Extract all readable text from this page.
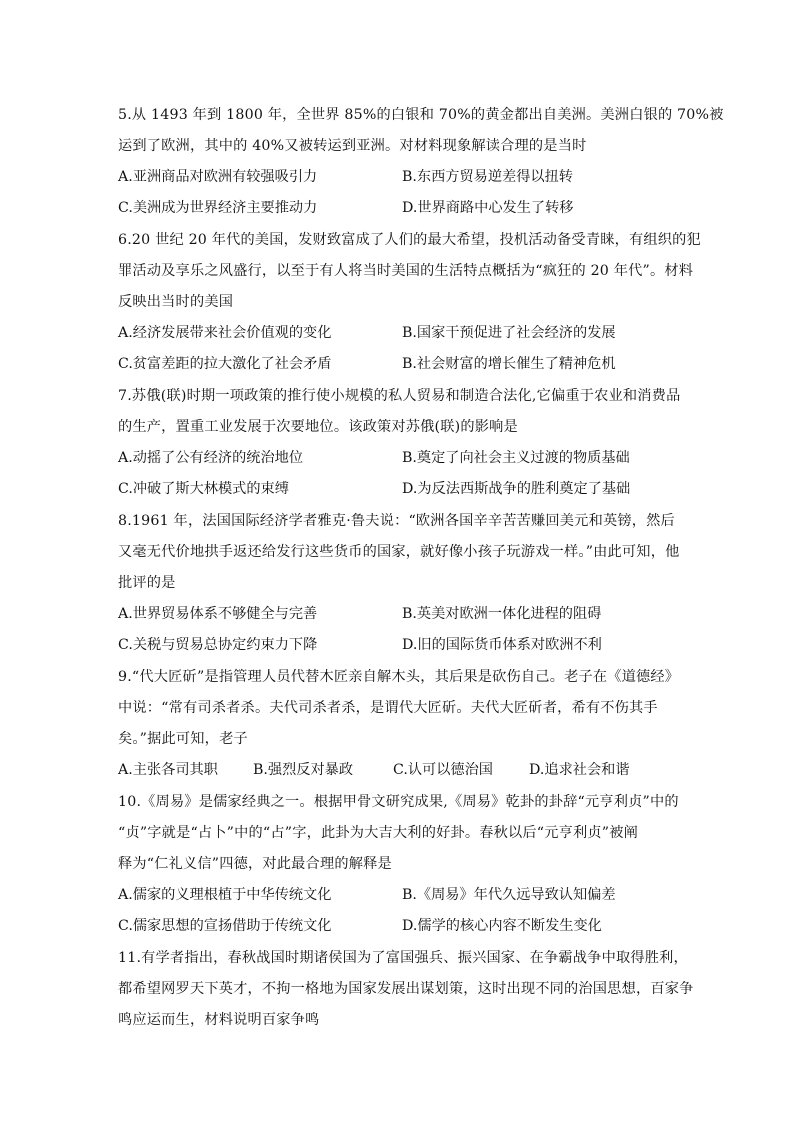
5.从 1493 年到 1800 年，全世界 85%的白银和 70%的黄金都出自美洲。美洲白银的 70%被
运到了欧洲，其中的 40%又被转运到亚洲。对材料现象解读合理的是当时
A.亚洲商品对欧洲有较强吸引力	B.东西方贸易逆差得以扭转
C.美洲成为世界经济主要推动力	D.世界商路中心发生了转移
6.20 世纪 20 年代的美国，发财致富成了人们的最大希望，投机活动备受青睐，有组织的犯
罪活动及享乐之风盛行，以至于有人将当时美国的生活特点概括为“疯狂的 20 年代”。材料
反映出当时的美国
A.经济发展带来社会价值观的变化	B.国家干预促进了社会经济的发展
C.贫富差距的拉大激化了社会矛盾	B.社会财富的增长催生了精神危机
7.苏俄(联)时期一项政策的推行使小规模的私人贸易和制造合法化,它偏重于农业和消费品
的生产，置重工业发展于次要地位。该政策对苏俄(联)的影响是
A.动摇了公有经济的统治地位	B.奠定了向社会主义过渡的物质基础
C.冲破了斯大林模式的束缚	D.为反法西斯战争的胜利奠定了基础
8.1961 年，法国国际经济学者雅克·鲁夫说：“欧洲各国辛辛苦苦赚回美元和英镑，然后
又毫无代价地拱手返还给发行这些货币的国家，就好像小孩子玩游戏一样。”由此可知，他
批评的是
A.世界贸易体系不够健全与完善	B.英美对欧洲一体化进程的阻碍
C.关税与贸易总协定约束力下降	D.旧的国际货币体系对欧洲不利
9.“代大匠斫”是指管理人员代替木匠亲自解木头，其后果是砍伤自己。老子在《道德经》
中说：“常有司杀者杀。夫代司杀者杀，是谓代大匠斫。夫代大匠斫者，希有不伤其手
矣。”据此可知，老子
A.主张各司其职 B.强烈反对暴政	C.认可以德治国	D.追求社会和谐
10.《周易》是儒家经典之一。根据甲骨文研究成果,《周易》乾卦的卦辞“元亨利贞”中的
“贞”字就是“占卜”中的“占”字，此卦为大吉大利的好卦。春秋以后“元亨利贞”被阐
释为“仁礼义信”四德，对此最合理的解释是
A.儒家的义理根植于中华传统文化	B.《周易》年代久远导致认知偏差
C.儒家思想的宣扬借助于传统文化	D.儒学的核心内容不断发生变化
11.有学者指出，春秋战国时期诸侯国为了富国强兵、振兴国家、在争霸战争中取得胜利，
都希望网罗天下英才，不拘一格地为国家发展出谋划策，这时出现不同的治国思想，百家争
鸣应运而生，材料说明百家争鸣
